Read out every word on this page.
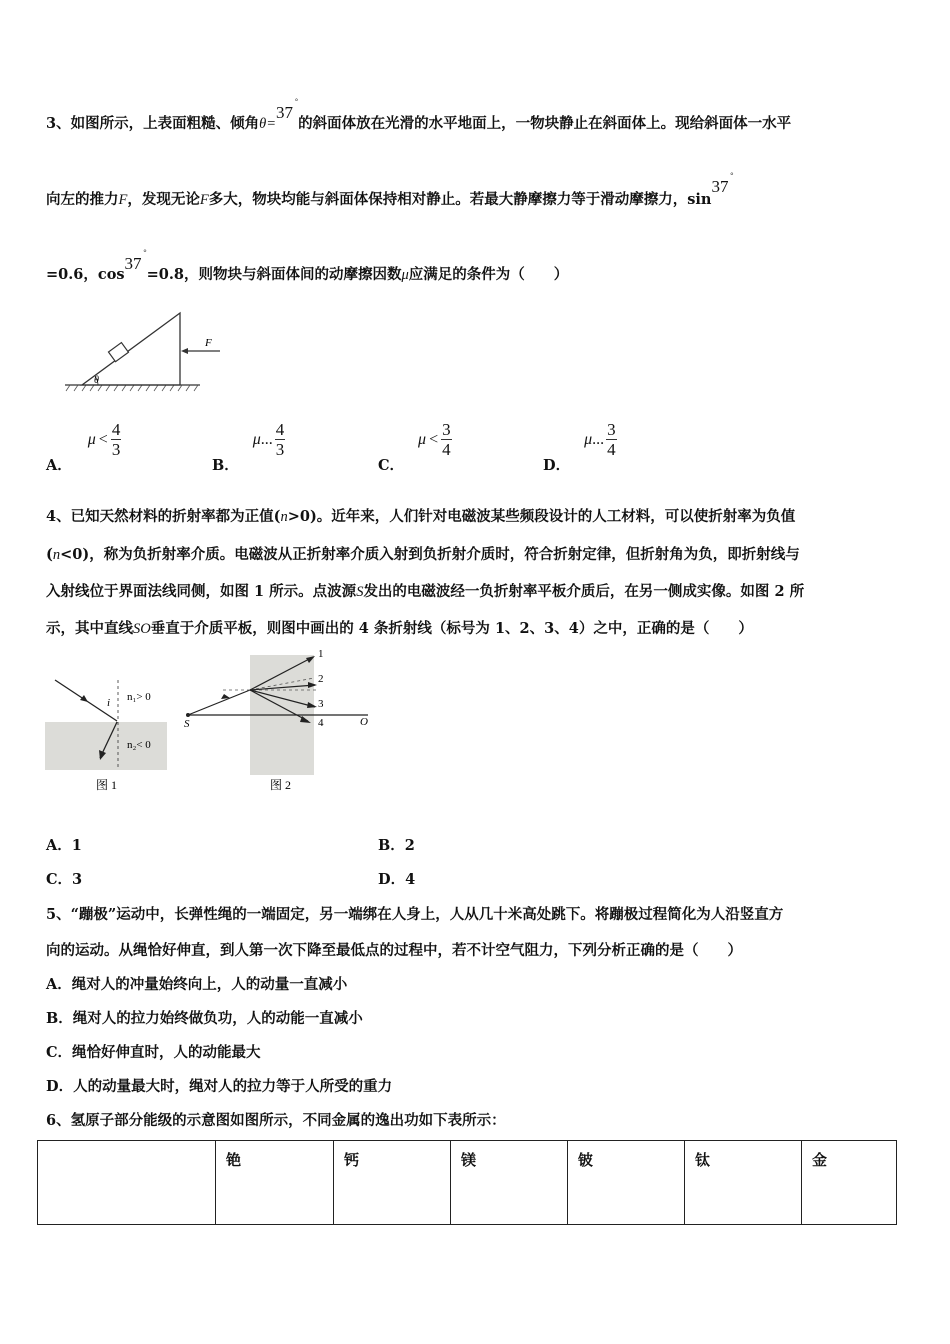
3、如图所示，上表面粗糙、倾角θ=37
°
的斜面体放在光滑的水平地面上，一物块静止在斜面体上。现给斜面体一水平
向左的推力F，发现无论F多大，物块均能与斜面体保持相对静止。若最大静摩擦力等于滑动摩擦力，sin37
°
=0.6，cos37
°
=0.8，则物块与斜面体间的动摩擦因数μ应满足的条件为（　　）
θ
F
A．$\mu < \frac{4}{3}$
B．μ... $\frac{4}{3}$
C．$\mu < \frac{3}{4}$
D．μ... $\frac{3}{4}$
4、已知天然材料的折射率都为正值(n>0)。近年来，人们针对电磁波某些频段设计的人工材料，可以使折射率为负值
(n<0)，称为负折射率介质。电磁波从正折射率介质入射到负折射介质时，符合折射定律，但折射角为负，即折射线与
入射线位于界面法线同侧，如图 1 所示。点波源S发出的电磁波经一负折射率平板介质后，在另一侧成实像。如图 2 所
示，其中直线SO垂直于介质平板，则图中画出的 4 条折射线（标号为 1、2、3、4）之中，正确的是（　　）
i n₁> 0
n₂< 0
图 1
1
2
3
4
S	O
图 2
A．1	B．2
C．3	D．4
5、“蹦极”运动中，长弹性绳的一端固定，另一端绑在人身上，人从几十米高处跳下。将蹦极过程简化为人沿竖直方
向的运动。从绳恰好伸直，到人第一次下降至最低点的过程中，若不计空气阻力，下列分析正确的是（　　）
A．绳对人的冲量始终向上，人的动量一直减小
B．绳对人的拉力始终做负功，人的动能一直减小
C．绳恰好伸直时，人的动能最大
D．人的动量最大时，绳对人的拉力等于人所受的重力
6、氢原子部分能级的示意图如图所示，不同金属的逸出功如下表所示：
	铯	钙	镁	铍	钛	金
